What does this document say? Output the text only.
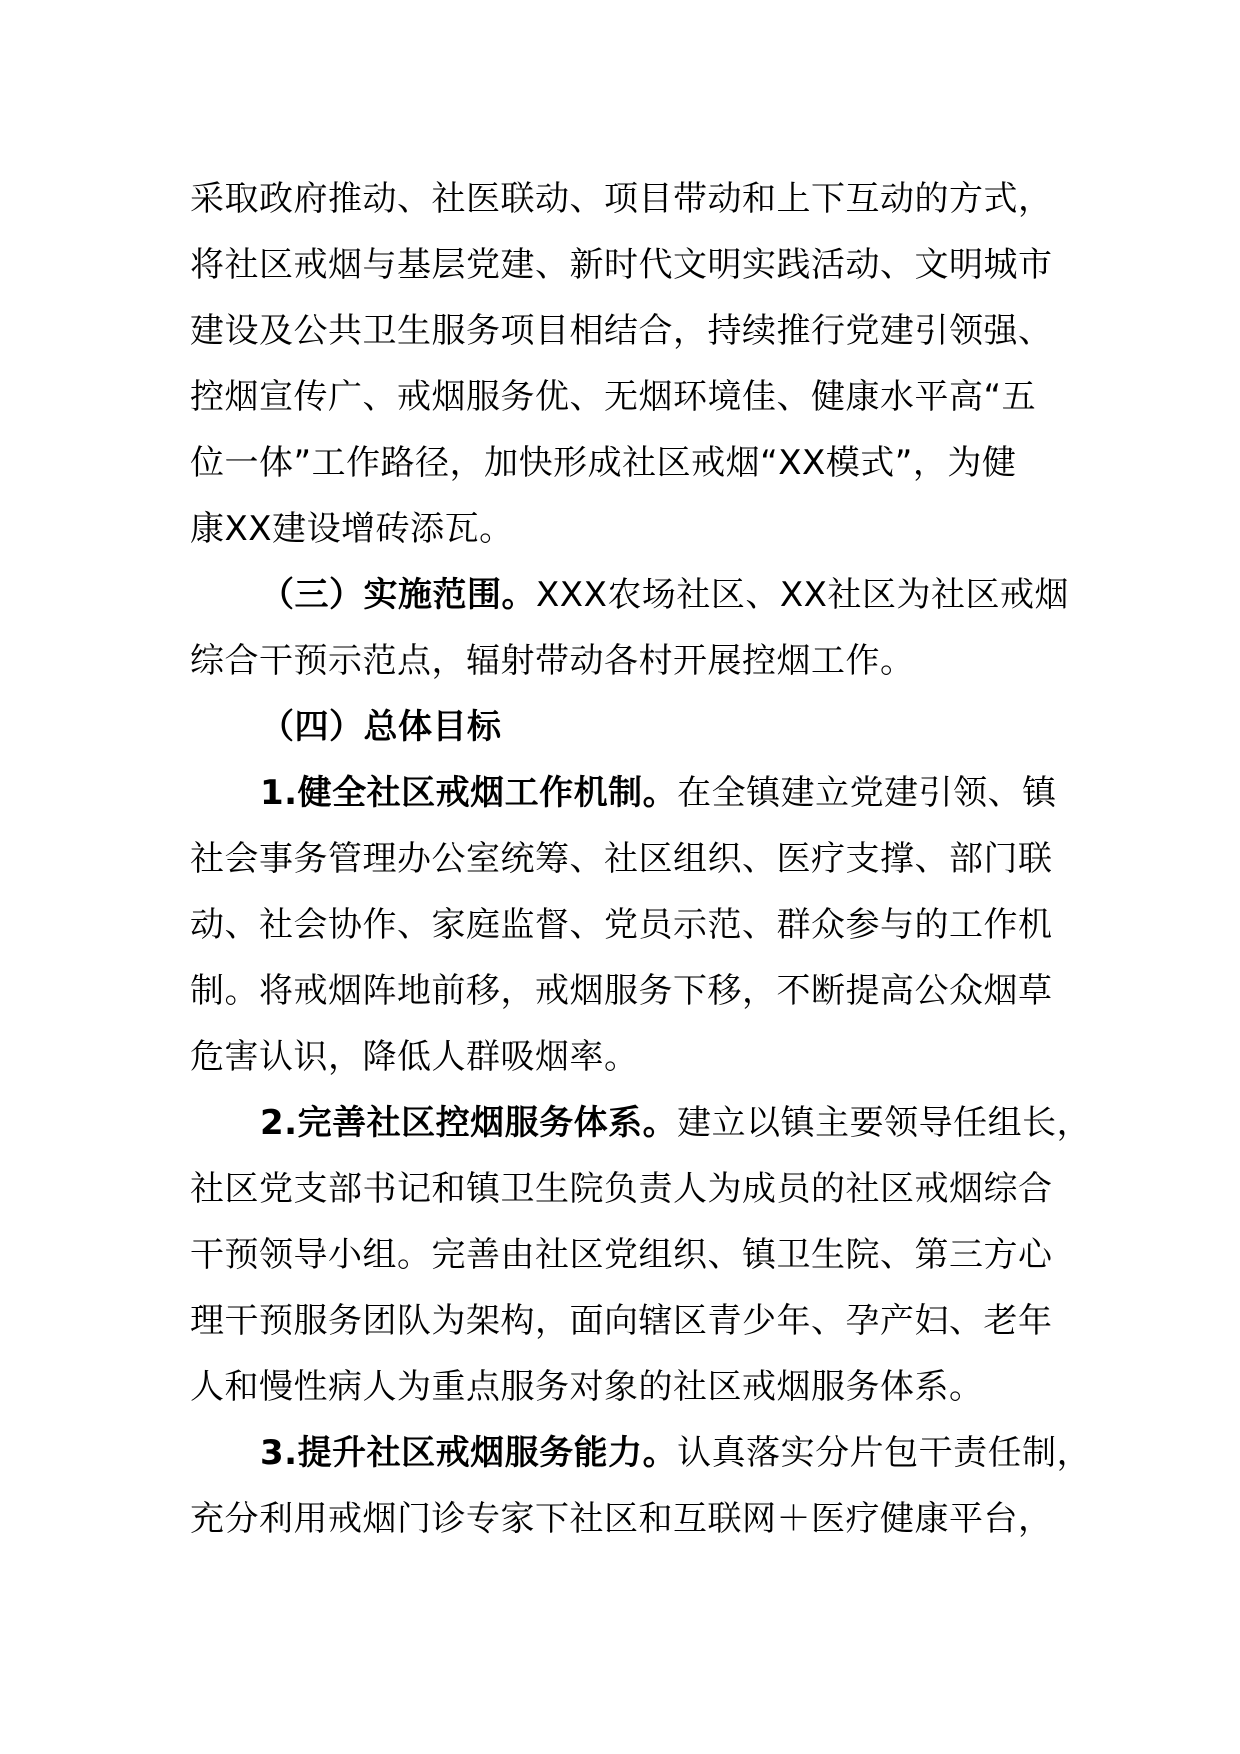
采取政府推动、社医联动、项目带动和上下互动的方式，
将社区戒烟与基层党建、新时代文明实践活动、文明城市
建设及公共卫生服务项目相结合，持续推行党建引领强、
控烟宣传广、戒烟服务优、无烟环境佳、健康水平高“五
位一体”工作路径，加快形成社区戒烟“XX模式”，为健
康XX建设增砖添瓦。
（三）实施范围。XXX农场社区、XX社区为社区戒烟
综合干预示范点，辐射带动各村开展控烟工作。
（四）总体目标
1.健全社区戒烟工作机制。在全镇建立党建引领、镇
社会事务管理办公室统筹、社区组织、医疗支撑、部门联
动、社会协作、家庭监督、党员示范、群众参与的工作机
制。将戒烟阵地前移，戒烟服务下移，不断提高公众烟草
危害认识，降低人群吸烟率。
2.完善社区控烟服务体系。建立以镇主要领导任组长，
社区党支部书记和镇卫生院负责人为成员的社区戒烟综合
干预领导小组。完善由社区党组织、镇卫生院、第三方心
理干预服务团队为架构，面向辖区青少年、孕产妇、老年
人和慢性病人为重点服务对象的社区戒烟服务体系。
3.提升社区戒烟服务能力。认真落实分片包干责任制，
充分利用戒烟门诊专家下社区和互联网＋医疗健康平台，
